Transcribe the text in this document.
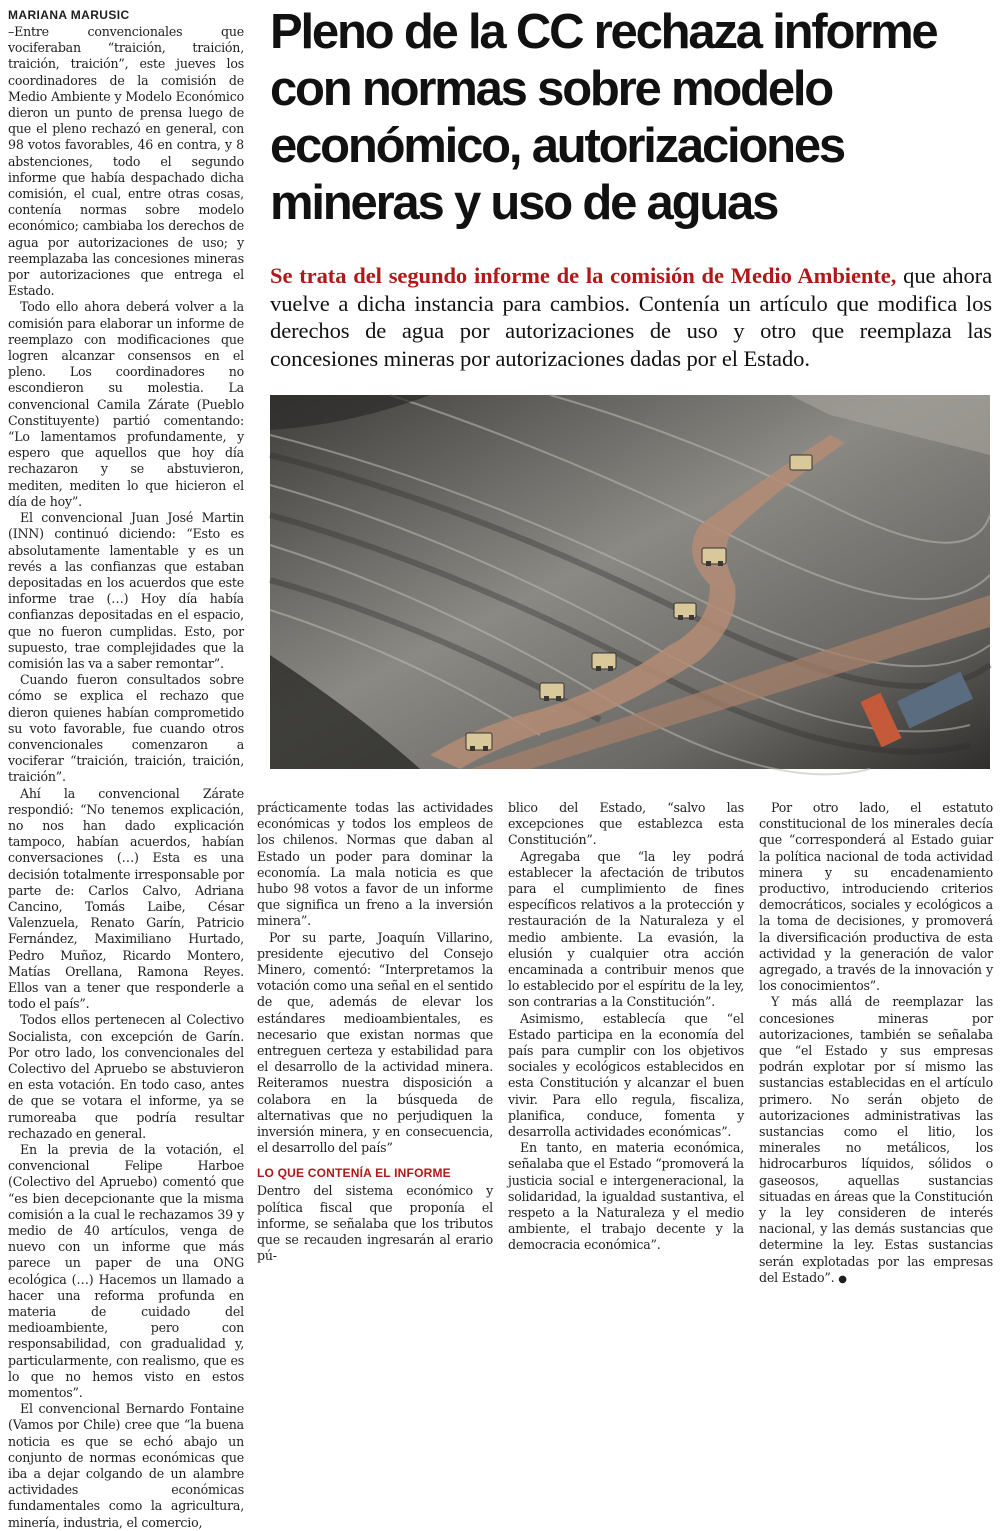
MARIANA MARUSIC

–Entre convencionales que vociferaban “traición, traición, traición, traición”, este jueves los coordinadores de la comisión de Medio Ambiente y Modelo Económico dieron un punto de prensa luego de que el pleno rechazó en general, con 98 votos favorables, 46 en contra, y 8 abstenciones, todo el segundo informe que había despachado dicha comisión, el cual, entre otras cosas, contenía normas sobre modelo económico; cambiaba los derechos de agua por autorizaciones de uso; y reemplazaba las concesiones mineras por autorizaciones que entrega el Estado.

Todo ello ahora deberá volver a la comisión para elaborar un informe de reemplazo con modificaciones que logren alcanzar consensos en el pleno. Los coordinadores no escondieron su molestia. La convencional Camila Zárate (Pueblo Constituyente) partió comentando: “Lo lamentamos profundamente, y espero que aquellos que hoy día rechazaron y se abstuvieron, mediten, mediten lo que hicieron el día de hoy”.

El convencional Juan José Martin (INN) continuó diciendo: “Esto es absolutamente lamentable y es un revés a las confianzas que estaban depositadas en los acuerdos que este informe trae (…) Hoy día había confianzas depositadas en el espacio, que no fueron cumplidas. Esto, por supuesto, trae complejidades que la comisión las va a saber remontar”.

Cuando fueron consultados sobre cómo se explica el rechazo que dieron quienes habían comprometido su voto favorable, fue cuando otros convencionales comenzaron a vociferar “traición, traición, traición, traición”.

Ahí la convencional Zárate respondió: “No tenemos explicación, no nos han dado explicación tampoco, habían acuerdos, habían conversaciones (…) Esta es una decisión totalmente irresponsable por parte de: Carlos Calvo, Adriana Cancino, Tomás Laibe, César Valenzuela, Renato Garín, Patricio Fernández, Maximiliano Hurtado, Pedro Muñoz, Ricardo Montero, Matías Orellana, Ramona Reyes. Ellos van a tener que responderle a todo el país”.

Todos ellos pertenecen al Colectivo Socialista, con excepción de Garín. Por otro lado, los convencionales del Colectivo del Apruebo se abstuvieron en esta votación. En todo caso, antes de que se votara el informe, ya se rumoreaba que podría resultar rechazado en general.

En la previa de la votación, el convencional Felipe Harboe (Colectivo del Apruebo) comentó que “es bien decepcionante que la misma comisión a la cual le rechazamos 39 y medio de 40 artículos, venga de nuevo con un informe que más parece un paper de una ONG ecológica (…) Hacemos un llamado a hacer una reforma profunda en materia de cuidado del medioambiente, pero con responsabilidad, con gradualidad y, particularmente, con realismo, que es lo que no hemos visto en estos momentos”.

El convencional Bernardo Fontaine (Vamos por Chile) cree que “la buena noticia es que se echó abajo un conjunto de normas económicas que iba a dejar colgando de un alambre actividades económicas fundamentales como la agricultura, minería, industria, el comercio,

Pleno de la CC rechaza informe con normas sobre modelo económico, autorizaciones mineras y uso de aguas

Se trata del segundo informe de la comisión de Medio Ambiente, que ahora vuelve a dicha instancia para cambios. Contenía un artículo que modifica los derechos de agua por autorizaciones de uso y otro que reemplaza las concesiones mineras por autorizaciones dadas por el Estado.

prácticamente todas las actividades económicas y todos los empleos de los chilenos. Normas que daban al Estado un poder para dominar la economía. La mala noticia es que hubo 98 votos a favor de un informe que significa un freno a la inversión minera”.

Por su parte, Joaquín Villarino, presidente ejecutivo del Consejo Minero, comentó: “Interpretamos la votación como una señal en el sentido de que, además de elevar los estándares medioambientales, es necesario que existan normas que entreguen certeza y estabilidad para el desarrollo de la actividad minera. Reiteramos nuestra disposición a colabora en la búsqueda de alternativas que no perjudiquen la inversión minera, y en consecuencia, el desarrollo del país”

LO QUE CONTENÍA EL INFORME

Dentro del sistema económico y política fiscal que proponía el informe, se señalaba que los tributos que se recauden ingresarán al erario pú-

blico del Estado, “salvo las excepciones que establezca esta Constitución”.

Agregaba que “la ley podrá establecer la afectación de tributos para el cumplimiento de fines específicos relativos a la protección y restauración de la Naturaleza y el medio ambiente. La evasión, la elusión y cualquier otra acción encaminada a contribuir menos que lo establecido por el espíritu de la ley, son contrarias a la Constitución”.

Asimismo, establecía que “el Estado participa en la economía del país para cumplir con los objetivos sociales y ecológicos establecidos en esta Constitución y alcanzar el buen vivir. Para ello regula, fiscaliza, planifica, conduce, fomenta y desarrolla actividades económicas”.

En tanto, en materia económica, señalaba que el Estado “promoverá la justicia social e intergeneracional, la solidaridad, la igualdad sustantiva, el respeto a la Naturaleza y el medio ambiente, el trabajo decente y la democracia económica”.

Por otro lado, el estatuto constitucional de los minerales decía que “corresponderá al Estado guiar la política nacional de toda actividad minera y su encadenamiento productivo, introduciendo criterios democráticos, sociales y ecológicos a la toma de decisiones, y promoverá la diversificación productiva de esta actividad y la generación de valor agregado, a través de la innovación y los conocimientos”.

Y más allá de reemplazar las concesiones mineras por autorizaciones, también se señalaba que “el Estado y sus empresas podrán explotar por sí mismo las sustancias establecidas en el artículo primero. No serán objeto de autorizaciones administrativas las sustancias como el litio, los minerales no metálicos, los hidrocarburos líquidos, sólidos o gaseosos, aquellas sustancias situadas en áreas que la Constitución y la ley consideren de interés nacional, y las demás sustancias que determine la ley. Estas sustancias serán explotadas por las empresas del Estado”. ●
